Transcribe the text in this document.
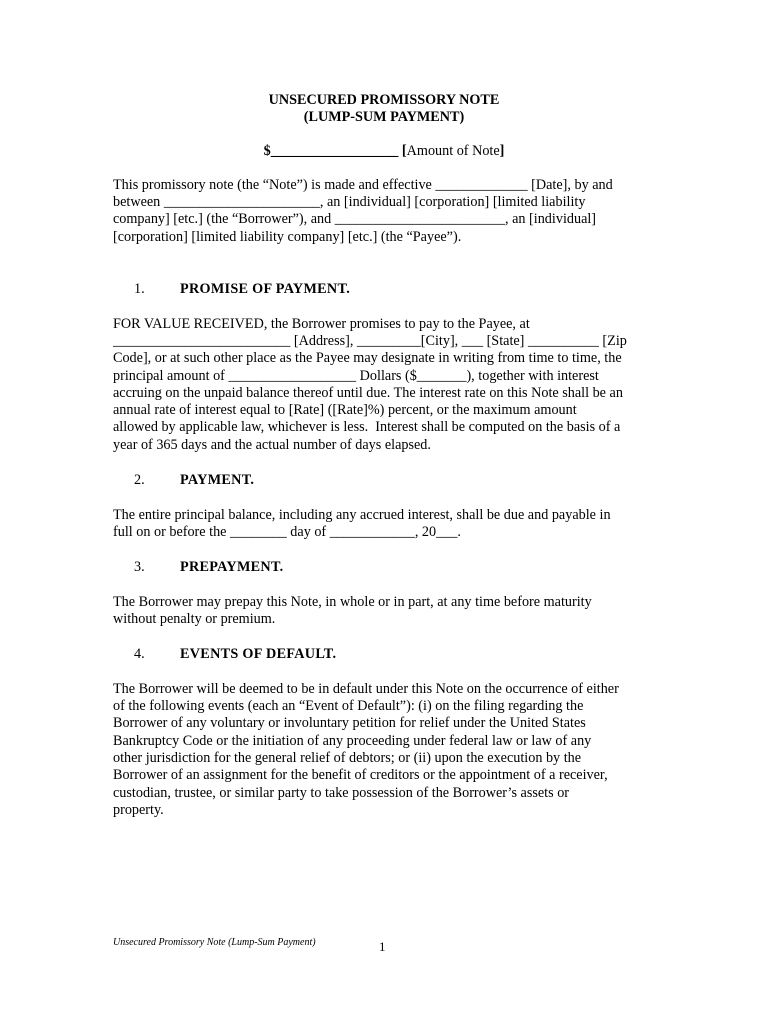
UNSECURED PROMISSORY NOTE
(LUMP-SUM PAYMENT)
$__________________ [Amount of Note]
This promissory note (the “Note”) is made and effective _____________ [Date], by and
between ______________________, an [individual] [corporation] [limited liability
company] [etc.] (the “Borrower”), and ________________________, an [individual]
[corporation] [limited liability company] [etc.] (the “Payee”).
1. PROMISE OF PAYMENT.
FOR VALUE RECEIVED, the Borrower promises to pay to the Payee, at
_________________________ [Address], _________[City], ___ [State] __________ [Zip
Code], or at such other place as the Payee may designate in writing from time to time, the
principal amount of __________________ Dollars ($_______), together with interest
accruing on the unpaid balance thereof until due. The interest rate on this Note shall be an
annual rate of interest equal to [Rate] ([Rate]%) percent, or the maximum amount
allowed by applicable law, whichever is less.  Interest shall be computed on the basis of a
year of 365 days and the actual number of days elapsed.
2. PAYMENT.
The entire principal balance, including any accrued interest, shall be due and payable in
full on or before the ________ day of ____________, 20___.
3. PREPAYMENT.
The Borrower may prepay this Note, in whole or in part, at any time before maturity
without penalty or premium.
4. EVENTS OF DEFAULT.
The Borrower will be deemed to be in default under this Note on the occurrence of either
of the following events (each an “Event of Default”): (i) on the filing regarding the
Borrower of any voluntary or involuntary petition for relief under the United States
Bankruptcy Code or the initiation of any proceeding under federal law or law of any
other jurisdiction for the general relief of debtors; or (ii) upon the execution by the
Borrower of an assignment for the benefit of creditors or the appointment of a receiver,
custodian, trustee, or similar party to take possession of the Borrower’s assets or
property.
Unsecured Promissory Note (Lump-Sum Payment)	1
